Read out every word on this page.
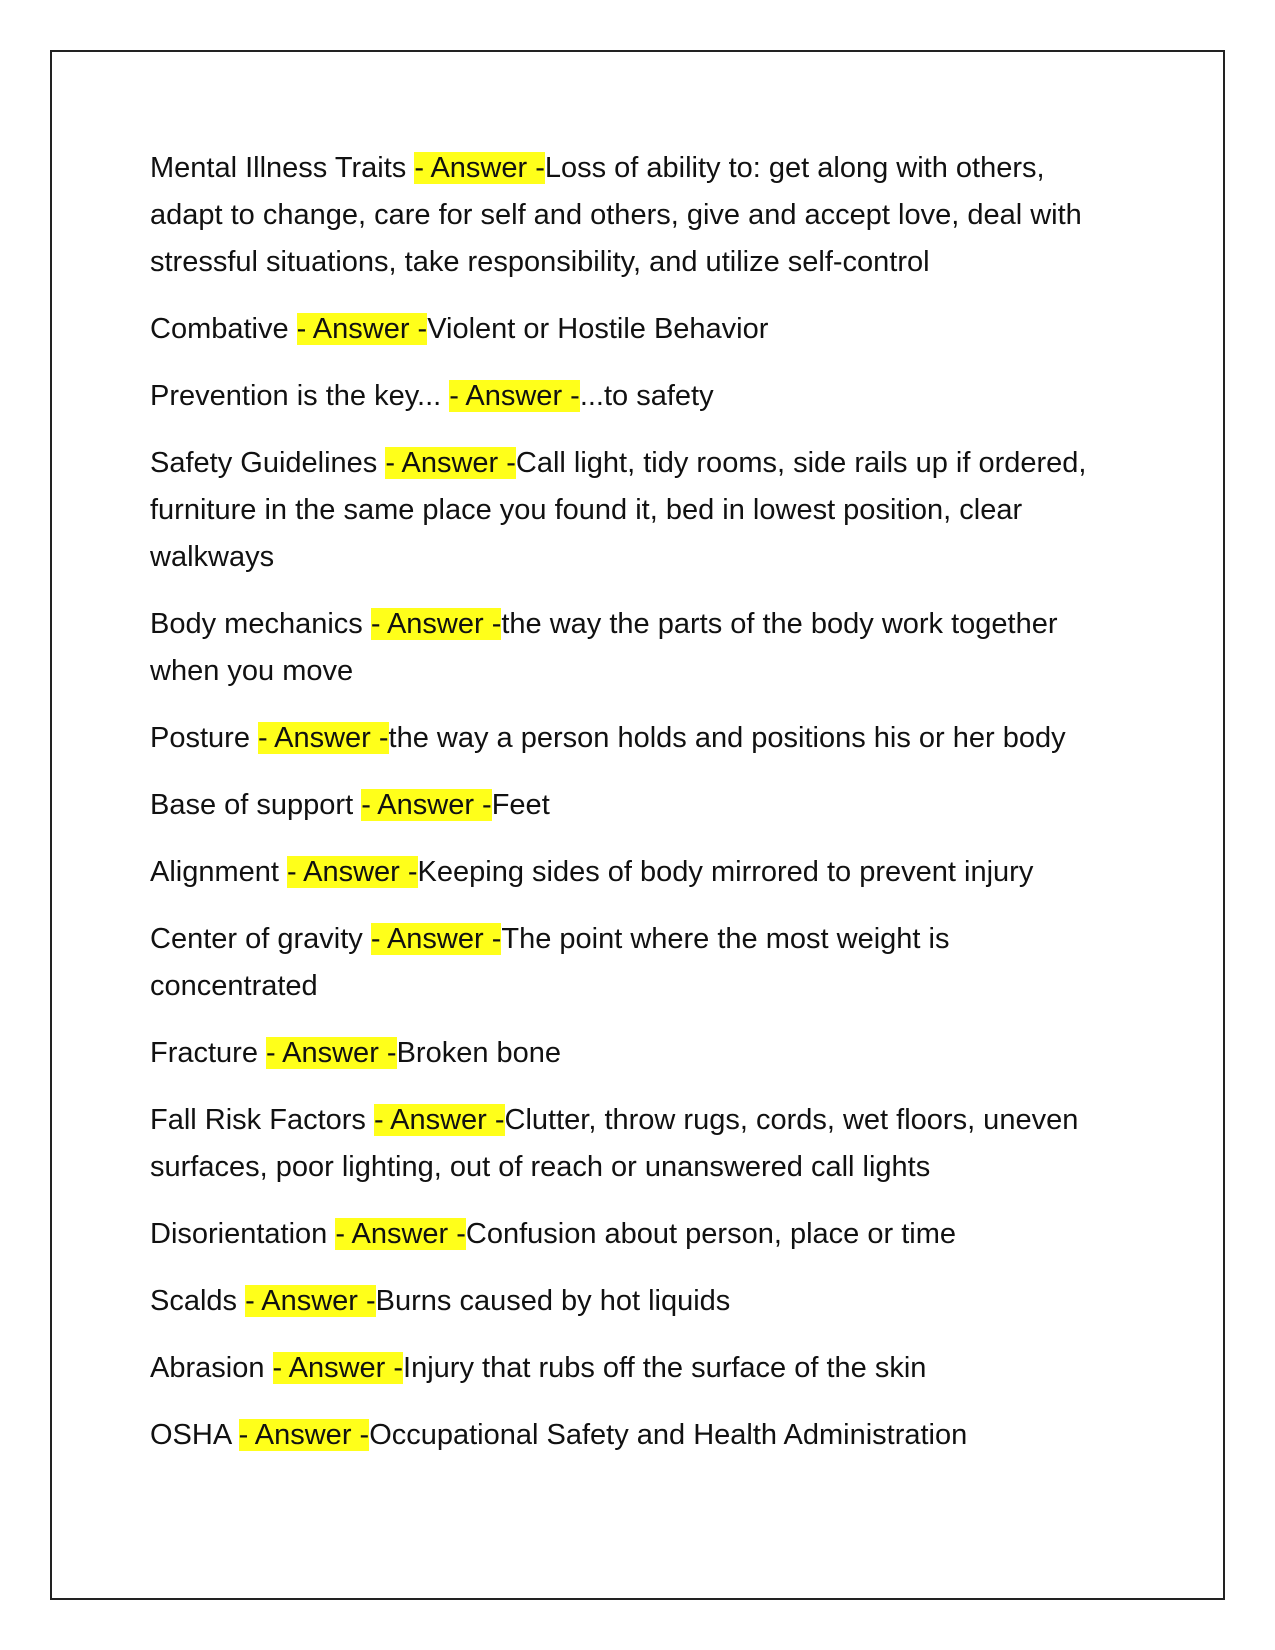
Mental Illness Traits - Answer -Loss of ability to: get along with others, adapt to change, care for self and others, give and accept love, deal with stressful situations, take responsibility, and utilize self-control

Combative - Answer -Violent or Hostile Behavior

Prevention is the key... - Answer -...to safety

Safety Guidelines - Answer -Call light, tidy rooms, side rails up if ordered, furniture in the same place you found it, bed in lowest position, clear walkways

Body mechanics - Answer -the way the parts of the body work together when you move

Posture - Answer -the way a person holds and positions his or her body

Base of support - Answer -Feet

Alignment - Answer -Keeping sides of body mirrored to prevent injury

Center of gravity - Answer -The point where the most weight is concentrated

Fracture - Answer -Broken bone

Fall Risk Factors - Answer -Clutter, throw rugs, cords, wet floors, uneven surfaces, poor lighting, out of reach or unanswered call lights

Disorientation - Answer -Confusion about person, place or time

Scalds - Answer -Burns caused by hot liquids

Abrasion - Answer -Injury that rubs off the surface of the skin

OSHA - Answer -Occupational Safety and Health Administration
